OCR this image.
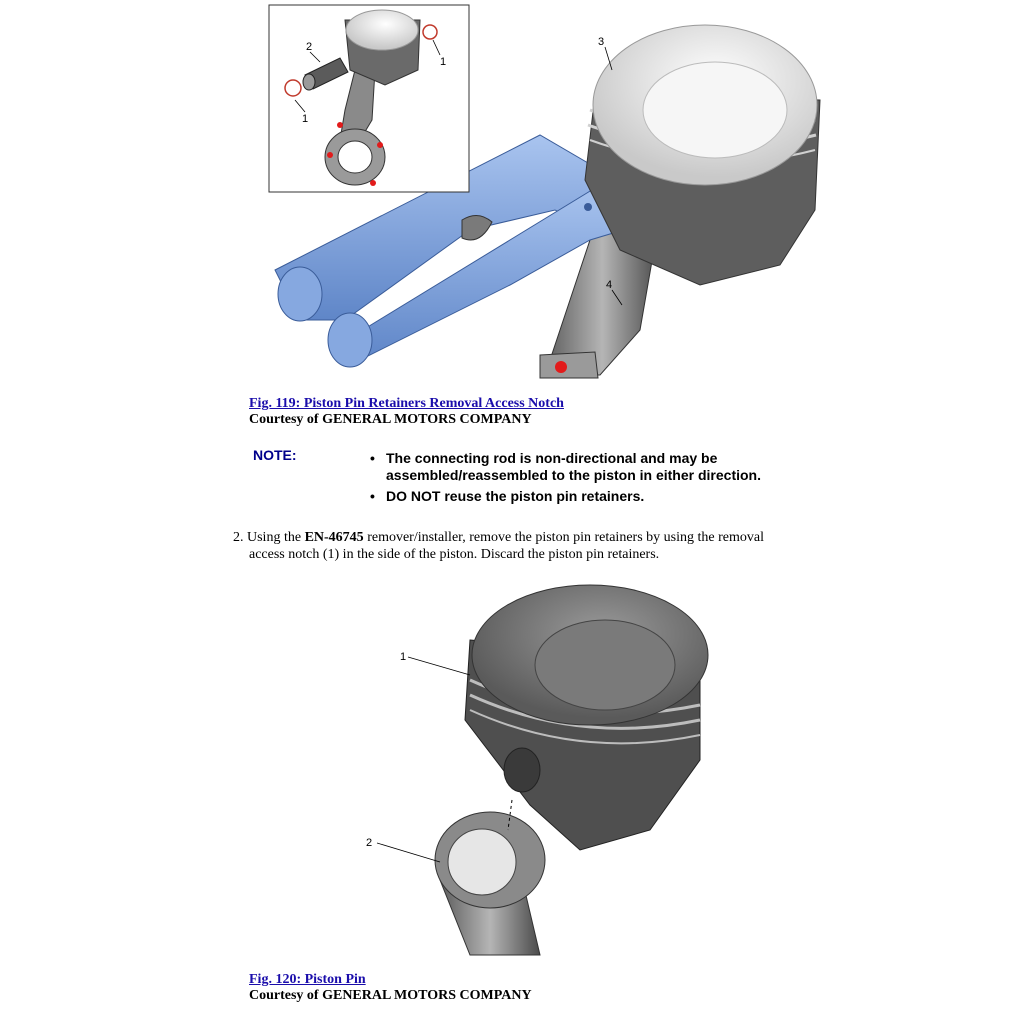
2
1
1
3
4
1
2
Fig. 119: Piston Pin Retainers Removal Access Notch
Courtesy of GENERAL MOTORS COMPANY
NOTE:
•	The connecting rod is non-directional and may be assembled/reassembled to the piston in either direction.
• DO NOT reuse the piston pin retainers.
2. Using the EN-46745 remover/installer, remove the piston pin retainers by using the removal
access notch (1) in the side of the piston. Discard the piston pin retainers.
Fig. 120: Piston Pin
Courtesy of GENERAL MOTORS COMPANY
